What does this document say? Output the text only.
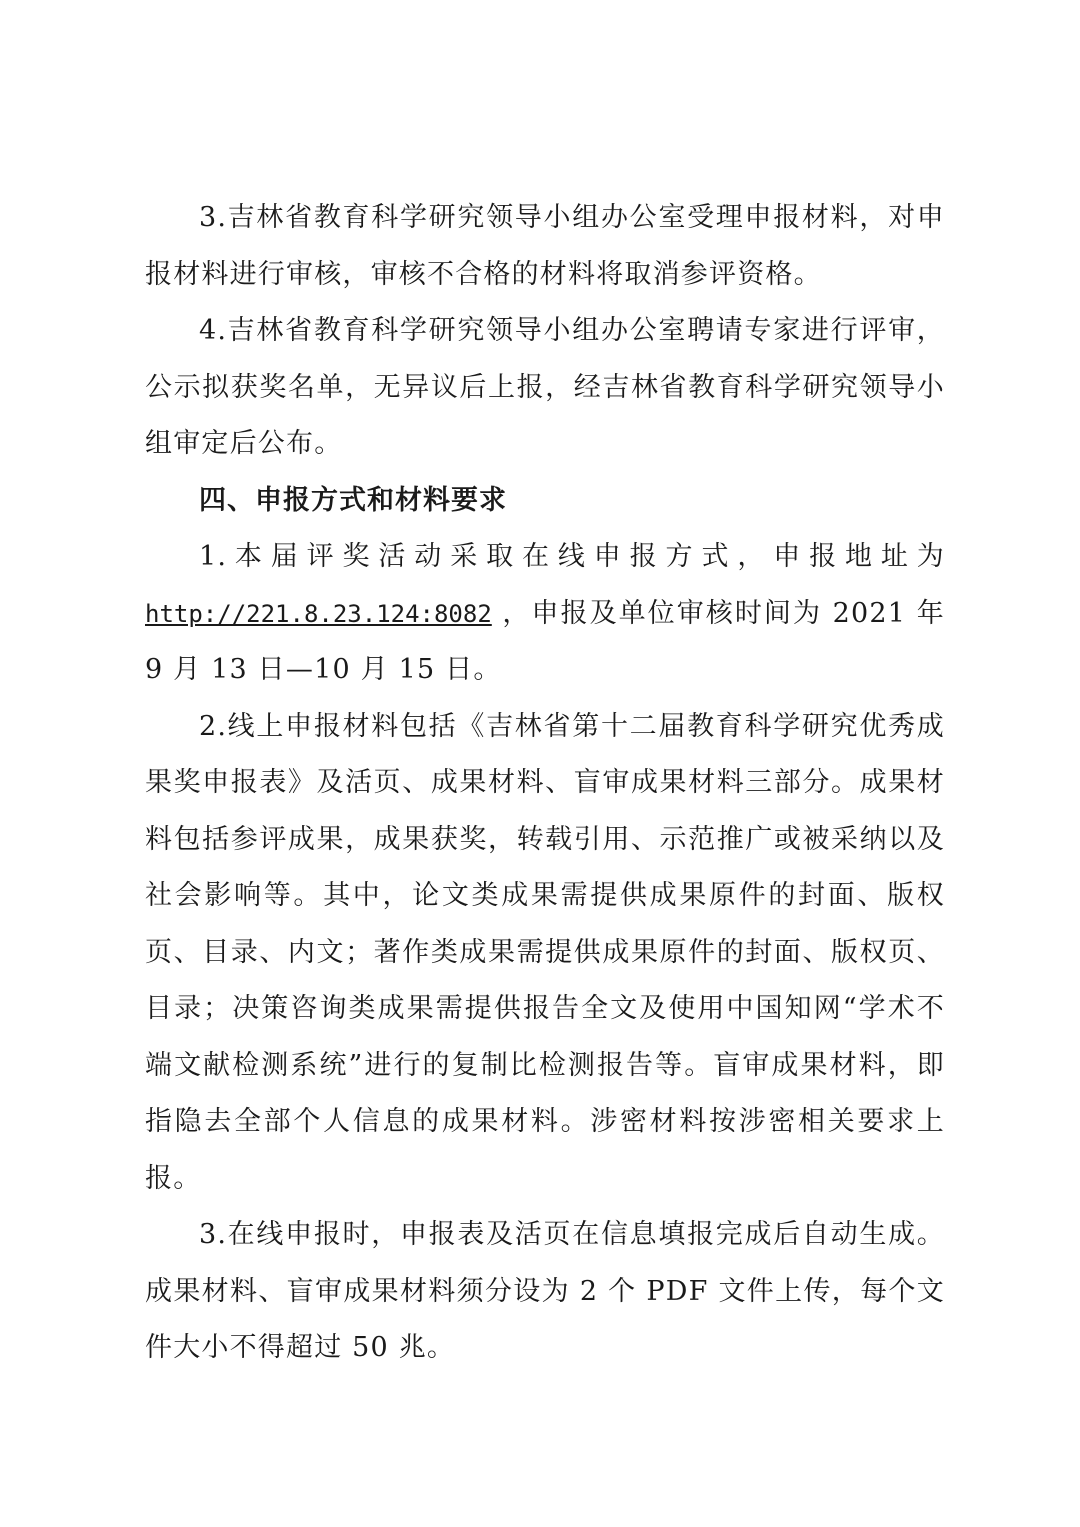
3.吉林省教育科学研究领导小组办公室受理申报材料，对申报材料进行审核，审核不合格的材料将取消参评资格。

4.吉林省教育科学研究领导小组办公室聘请专家进行评审，公示拟获奖名单，无异议后上报，经吉林省教育科学研究领导小组审定后公布。

四、申报方式和材料要求

1.本届评奖活动采取在线申报方式，申报地址为http://221.8.23.124:8082 ，申报及单位审核时间为 2021 年 9 月 13 日—10 月 15 日。

2.线上申报材料包括《吉林省第十二届教育科学研究优秀成果奖申报表》及活页、成果材料、盲审成果材料三部分。成果材料包括参评成果，成果获奖，转载引用、示范推广或被采纳以及社会影响等。其中，论文类成果需提供成果原件的封面、版权页、目录、内文；著作类成果需提供成果原件的封面、版权页、目录；决策咨询类成果需提供报告全文及使用中国知网“学术不端文献检测系统”进行的复制比检测报告等。盲审成果材料，即指隐去全部个人信息的成果材料。涉密材料按涉密相关要求上报。

3.在线申报时，申报表及活页在信息填报完成后自动生成。成果材料、盲审成果材料须分设为 2 个 PDF 文件上传，每个文件大小不得超过 50 兆。
